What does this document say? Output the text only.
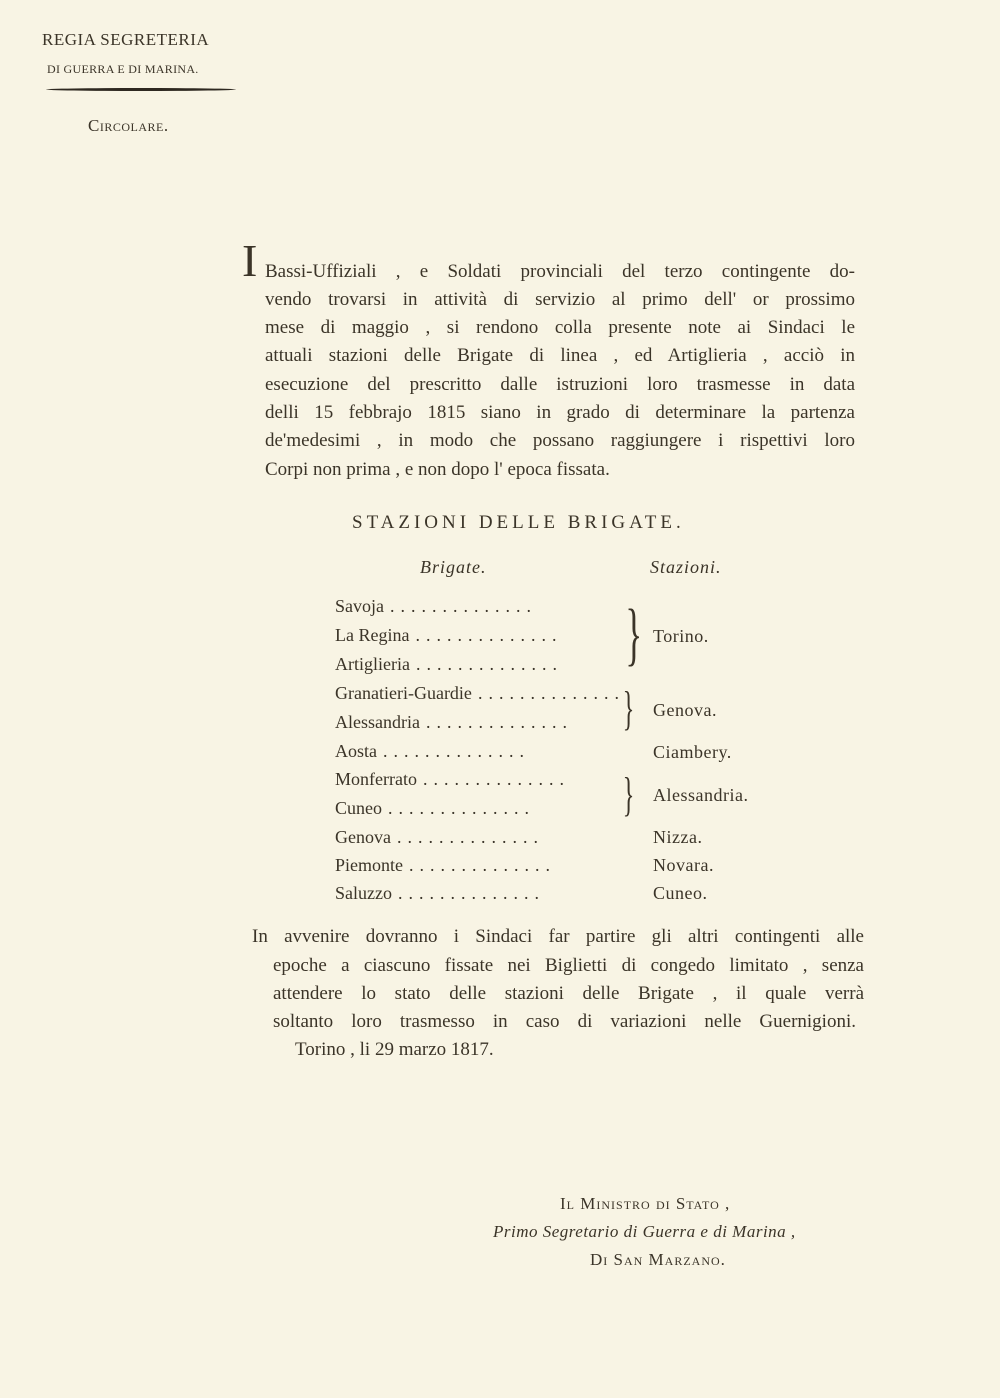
REGIA SEGRETERIA
DI GUERRA E DI MARINA.
Circolare.
I Bassi-Uffiziali , e Soldati provinciali del terzo contingente do-
vendo trovarsi in attività di servizio al primo dell' or prossimo
mese di maggio , si rendono colla presente note ai Sindaci le
attuali stazioni delle Brigate di linea , ed Artiglieria , acciò in
esecuzione del prescritto dalle istruzioni loro trasmesse in data
delli 15 febbrajo 1815 siano in grado di determinare la partenza
de'medesimi , in modo che possano raggiungere i rispettivi loro
Corpi non prima , e non dopo l' epoca fissata.
STAZIONI DELLE BRIGATE.
Brigate.	Stazioni.
Savoja ..............
La Regina ..............
Artiglieria ..............
Granatieri-Guardie ..............
Alessandria ..............
Aosta ..............
Monferrato ..............
Cuneo ..............
Genova ..............
Piemonte ..............
Saluzzo ..............
}
}
}
Torino.
Genova.
Ciambery.
Alessandria.
Nizza.
Novara.
Cuneo.
In avvenire dovranno i Sindaci far partire gli altri contingenti alle
epoche a ciascuno fissate nei Biglietti di congedo limitato , senza
attendere lo stato delle stazioni delle Brigate , il quale verrà
soltanto loro trasmesso in caso di variazioni nelle Guernigioni.
Torino , li 29 marzo 1817.
Il Ministro di Stato ,
Primo Segretario di Guerra e di Marina ,
Di San Marzano.
